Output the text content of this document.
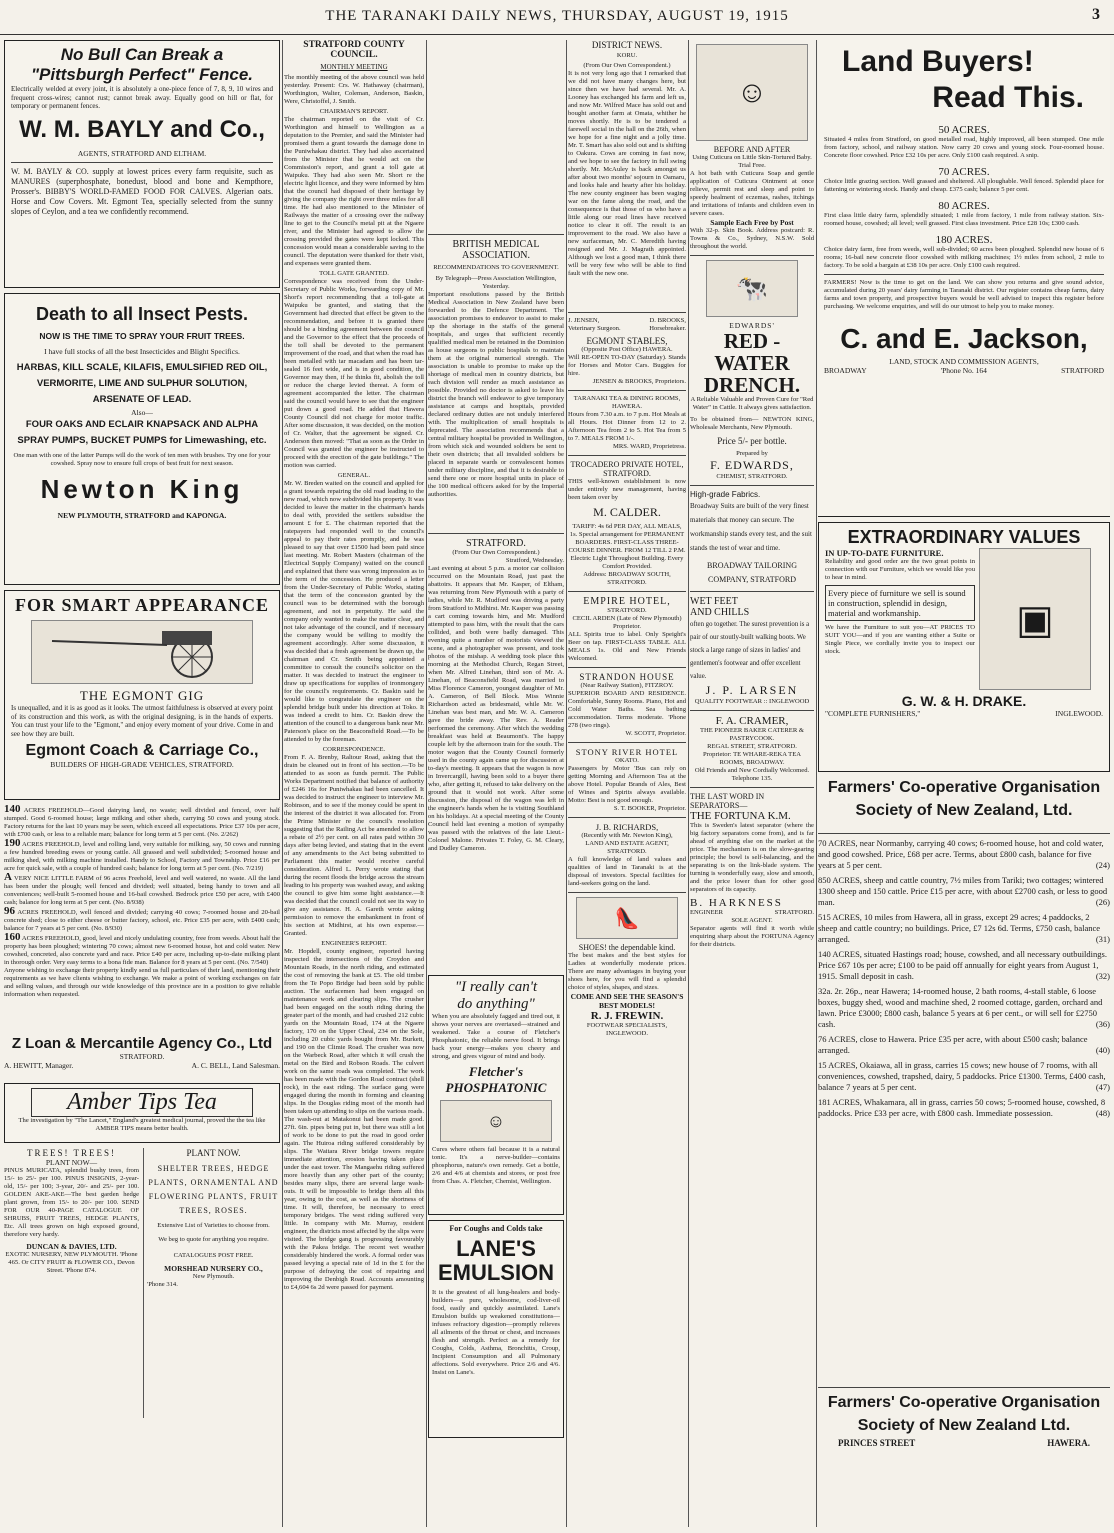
THE TARANAKI DAILY NEWS, THURSDAY, AUGUST 19, 1915	3
No Bull Can Break a
"Pittsburgh Perfect" Fence.
Electrically welded at every joint, it is absolutely a one-piece fence of 7, 8, 9, 10 wires and frequent cross-wires; cannot rust; cannot break away. Equally good on hill or flat, for temporary or permanent fences.
W. M. BAYLY and Co.,
AGENTS, STRATFORD AND ELTHAM.
W. M. BAYLY & CO. supply at lowest prices every farm requisite, such as MANURES (superphosphate, bonedust, blood and bone and Kempthore, Prosser's. BIBBY'S WORLD-FAMED FOOD FOR CALVES. Algerian oats. Horse and Cow Covers. Mt. Egmont Tea, specially selected from the sunny slopes of Ceylon, and a tea we confidently recommend.
Death to all Insect Pests.
NOW IS THE TIME TO SPRAY YOUR FRUIT TREES.
I have full stocks of all the best Insecticides and Blight Specifics.
HARBAS, KILL SCALE, KILAFIS, EMULSIFIED RED OIL, VERMORITE, LIME AND SULPHUR SOLUTION, ARSENATE OF LEAD.
Also—
FOUR OAKS AND ECLAIR KNAPSACK AND ALPHA SPRAY PUMPS, BUCKET PUMPS for Limewashing, etc.
One man with one of the latter Pumps will do the work of ten men with brushes. Try one for your cowshed. Spray now to ensure full crops of best fruit for next season.
Newton King
NEW PLYMOUTH, STRATFORD and KAPONGA.
FOR SMART APPEARANCE
THE EGMONT GIG
Is unequalled, and it is as good as it looks. The utmost faithfulness is observed at every point of its construction and this work, as with the original designing, is in the hands of experts. You can trust your life to the "Egmont," and enjoy every moment of your drive. Come in and see how they are built.
Egmont Coach & Carriage Co.,
BUILDERS OF HIGH-GRADE VEHICLES, STRATFORD.
140 ACRES FREEHOLD—Good dairying land, no waste; well divided and fenced, over half stumped. Good 6-roomed house; large milking and other sheds, carrying 50 cows and young stock. Factory returns for the last 10 years may be seen, which exceed all expectations. Price £37 10s per acre, with £700 cash, or less to a reliable man; balance for long term at 5 per cent. (No. 2/262)
190 ACRES FREEHOLD, level and rolling land, very suitable for milking, say, 50 cows and running a few hundred breeding ewes or young cattle. All grassed and well subdivided; 5-roomed house and milking shed, with milking machine installed. Handy to School, Factory and Township. Price £16 per acre for quick sale, with a couple of hundred cash; balance for long term at 5 per cent. (No. 7/219)
A VERY NICE LITTLE FARM of 96 acres Freehold, level and well watered, no waste. All the land has been under the plough; well fenced and divided; well situated, being handy to town and all conveniences; well-built 5-roomed house and 16-bail cowshed. Bedrock price £50 per acre, with £400 cash; balance for long term at 5 per cent. (No. 8/938)
96 ACRES FREEHOLD, well fenced and divided; carrying 40 cows; 7-roomed house and 20-bail concrete shed; close to either cheese or butter factory, school, etc. Price £35 per acre, with £400 cash; balance for 7 years at 5 per cent. (No. 8/930)
160 ACRES FREEHOLD, good, level and nicely undulating country, free from weeds. About half the property has been ploughed; wintering 70 cows; almost new 6-roomed house, hot and cold water. New cowshed, concreted, also concrete yard and race. Price £40 per acre, including up-to-date milking plant in thorough order. Very easy terms to a bona fide man. Balance for 8 years at 5 per cent. (No. 7/540)
Anyone wishing to exchange their property kindly send us full particulars of their land, mentioning their requirements as we have clients wishing to exchange. We make a point of working exchanges on fair and selling values, and through our wide knowledge of this province are in a position to give reliable information when requested.
Z Loan & Mercantile Agency Co., Ltd
STRATFORD.
A. HEWITT, Manager.	A. C. BELL, Land Salesman.
Amber Tips Tea
The investigation by "The Lancet," England's greatest medical journal, proved the the tea like AMBER TIPS means better health.
TREES! TREES!
PLANT NOW—
PINUS MURICATA, splendid bushy trees, from 15/- to 25/- per 100. PINUS INSIGNIS, 2-year-old, 15/- per 100; 3-year, 20/- and 25/- per 100. GOLDEN AKE-AKE—The best garden hedge plant grown, from 15/- to 20/- per 100. SEND FOR OUR 40-PAGE CATALOGUE OF SHRUBS, FRUIT TREES, HEDGE PLANTS, Etc. All trees grown on high exposed ground, therefore very hardy.
DUNCAN & DAVIES, LTD.
EXOTIC NURSERY, NEW PLYMOUTH. 'Phone 465. Or CITY FRUIT & FLOWER CO., Devon Street. 'Phone 874.
PLANT NOW.
SHELTER TREES, HEDGE PLANTS, ORNAMENTAL AND FLOWERING PLANTS, FRUIT TREES, ROSES.
Extensive List of Varieties to choose from.
We beg to quote for anything you require.
CATALOGUES POST FREE.
MORSHEAD NURSERY CO.,
New Plymouth.
'Phone 314.
STRATFORD COUNTY COUNCIL.
MONTHLY MEETING
The monthly meeting of the above council was held yesterday. Present: Crs. W. Hathaway (chairman), Worthington, Walter, Coleman, Anderson, Baskin, Were, Christoffel, J. Smith.
CHAIRMAN'S REPORT.
The chairman reported on the visit of Cr. Worthington and himself to Wellington as a deputation to the Premier, and said the Minister had promised them a grant towards the damage done in the Puniwhakau district. They had also ascertained from the Minister that he would act on the Commission's report, and grant a toll gate at Waipuku. They had also seen Mr. Short re the electric light licence, and they were informed by him that the council had disposed of their heritage by giving the company the right over three miles for all time. He had also mentioned to the Minister of Railways the matter of a crossing over the railway line to get to the Council's metal pit at the Ngaere river, and the Minister had agreed to allow the crossing provided the gates were kept locked. This concession would mean a considerable saving to the council. The deputation were thanked for their visit, and expenses were granted them.
TOLL GATE GRANTED.
Correspondence was received from the Under-Secretary of Public Works, forwarding copy of Mr. Short's report recommending that a toll-gate at Waipuku be granted, and stating that the Government had directed that effect be given to the recommendation, and before it is granted there should be a binding agreement between the council and the Governor to the effect that the proceeds of the toll shall be devoted to the permanent improvement of the road, and that when the road has been metalled with tar macadam and has been tar-sealed 16 feet wide, and is in good condition, the Governor may then, if he thinks fit, abolish the toll or reduce the charge levied thereat. A form of agreement accompanied the letter. The chairman said the council would have to see that the engineer put down a good road. He added that Hawera County Council did not charge for motor traffic. After some discussion, it was decided, on the motion of Cr. Walter, that the agreement be signed. Cr. Anderson then moved: "That as soon as the Order in Council was granted the engineer be instructed to proceed with the erection of the gate buildings." The motion was carried.
GENERAL.
Mr. W. Breden waited on the council and applied for a grant towards repairing the old road leading to the new road, which now subdivided his property. It was decided to leave the matter in the chairman's hands to deal with, provided the settlers subsidise the amount £ for £. The chairman reported that the ratepayers had responded well to the council's appeal to pay their rates promptly, and he was pleased to say that over £1500 had been paid since last meeting. Mr. Robert Masters (chairman of the Electrical Supply Company) waited on the council and explained that there was wrong impression as to the term of the concession. He produced a letter from the Under-Secretary of Public Works, stating that the term of the concession granted by the council was to be determined with the borough agreement, and not in perpetuity. He said the company only wanted to make the matter clear, and not take advantage of the council, and if necessary the company would be willing to modify the agreement accordingly. After some discussion, it was decided that a fresh agreement be drawn up, the chairman and Cr. Smith being appointed a committee to consult the council's solicitor on the matter. It was decided to instruct the engineer to draw up specifications for supplies of ironmongery for the council's requirements. Cr. Baskin said he would like to congratulate the engineer on the splendid bridge built under his direction at Toko. It was indeed a credit to him. Cr. Baskin drew the attention of the council to a dangerous bank near Mr. Paterson's place on the Beaconsfield Road.—To be attended to by the foreman.
CORRESPONDENCE.
From F. A. Brenby, Raltour Road, asking that the drain be cleaned out in front of his section.—To be attended to as soon as funds permit. The Public Works Department notified that balance of authority of £246 16s for Puniwhakau had been cancelled. It was decided to instruct the engineer to interview Mr. Robinson, and to see if the money could be spent in the interest of the district it was allocated for. From the Prime Minister re the council's resolution suggesting that the Railing Act be amended to allow a rebate of 2½ per cent. on all rates paid within 30 days after being levied, and stating that in the event of any amendments to the Act being submitted to Parliament this matter would receive careful consideration. Alfred L. Perry wrote stating that during the recent floods the bridge across the stream leading to his property was washed away, and asking the council to give him some light assistance.—It was decided that the council could not see its way to give any assistance. H. A. Gareth wrote asking permission to remove the embankment in front of his section at Midhirst, at his own expense.—Granted.
ENGINEER'S REPORT.
Mr. Hopdell, county engineer, reported having inspected the intersections of the Croydon and Mountain Roads, in the north riding, and estimated the cost of removing the bank at £5. The old timber from the Te Popo Bridge had been sold by public auction. The surfacemen had been engaged on maintenance work and clearing slips. The crusher had been engaged on the south riding during the greater part of the month, and had crushed 212 cubic yards on the Mountain Road, 174 at the Ngaere factory, 170 on the Upper Cheal, 234 on the Sole, including 20 cubic yards bought from Mr. Burkett, and 190 on the Climie Road. The crusher was now on the Warbeck Road, after which it will crush the metal on the Bird and Robson Roads. The culvert work on the same roads was completed. The work has been made with the Gordon Road contract (shell rock), in the east riding. The surface gang were engaged during the month in forming and cleaning slips. In the Douglas riding most of the month had been taken up attending to slips on the various roads. The wash-out at Matakonui had been made good. 27ft. 6in. pipes being put in, but there was still a lot of work to be done to put the road in good order again. The Huiroa riding suffered considerably by slips. The Waitara River bridge towers require immediate attention, erosion having taken place under the east tower. The Mangaehu riding suffered more heavily than any other part of the county; besides many slips, there are several large wash-outs. It will be impossible to bridge them all this year, owing to the cost, as well as the shortness of time. It will, therefore, be necessary to erect temporary bridges. The west riding suffered very little. In company with Mr. Murray, resident engineer, the districts most affected by the slips were visited. The bridge gang is progressing favourably with the Pakea bridge. The recent wet weather considerably hindered the work. A formal order was passed levying a special rate of 1d in the £ for the purpose of defraying the cost of repairing and improving the Denbigh Road. Accounts amounting to £4,604 6s 2d were passed for payment.
BRITISH MEDICAL
ASSOCIATION.
RECOMMENDATIONS TO GOVERNMENT.
By Telegraph—Press Association Wellington, Yesterday.
Important resolutions passed by the British Medical Association in New Zealand have been forwarded to the Defence Department. The association promises to endeavor to assist to make up the shortage in the staffs of the general hospitals, and urges that sufficient recently qualified medical men be retained in the Dominion as house surgeons to public hospitals to maintain them at the original numerical strength. The association is unable to promise to make up the shortage of medical men in country districts, but each division will render as much assistance as possible. Provided no doctor is asked to leave his district the branch will endeavor to give temporary assistance at camps and hospitals, provided declared ordinary duties are not unduly interfered with. The multiplication of small hospitals is deprecated. The association recommends that a central military hospital be provided in Wellington, from which sick and wounded soldiers be sent to their own districts; that all invalided soldiers be placed in separate wards or convalescent homes under military discipline, and that it is desirable to send there one or more hospital units in place of the 100 medical officers asked for by the Imperial authorities.
STRATFORD.
(From Our Own Correspondent.)
Stratford, Wednesday.
Last evening at about 5 p.m. a motor car collision occurred on the Mountain Road, just past the abattoirs. It appears that Mr. Kasper, of Eltham, was returning from New Plymouth with a party of ladies, while Mr. R. Mudford was driving a party from Stratford to Midhirst. Mr. Kasper was passing a cart coming towards him, and Mr. Mudford attempted to pass him, with the result that the cars collided, and both were badly damaged. This evening quite a number of motorists viewed the scene, and a photographer was present, and took photos of the mishap. A wedding took place this morning at the Methodist Church, Regan Street, when Mr. Alfred Linehan, third son of Mr. A. Linehan, of Beaconsfield Road, was married to Miss Florence Cameron, youngest daughter of Mr. A. Cameron, of Bell Block. Miss Winnie Richardson acted as bridesmaid, while Mr. W. Linehan was best man, and Mr. W. A. Cameron gave the bride away. The Rev. A. Reader performed the ceremony. After which the wedding breakfast was held at Beaumont's. The happy couple left by the afternoon train for the south. The motor wagon that the County Council formerly used in the county again came up for discussion at to-day's meeting. It appears that the wagon is now in Invercargill, having been sold to a buyer there who, after getting it, refused to take delivery on the ground that it would not work. After some discussion, the disposal of the wagon was left in the engineer's hands when he is visiting Southland on his holidays. At a special meeting of the County Council held last evening a motion of sympathy was passed with the relatives of the late Lieut.-Colonel Malone. Privates T. Foley, G. M. Cleary, and Dudley Cameron.
"I really can't
do anything"
When you are absolutely fagged and tired out, it shows your nerves are overtaxed—strained and weakened. Take a course of Fletcher's Phosphatonic, the reliable nerve food. It brings back your energy—makes you cheery and strong, and gives vigour of mind and body.
Fletcher's PHOSPHATONIC
☺
Cures where others fail because it is a natural tonic. It's a nerve-builder—contains phosphorus, nature's own remedy. Get a bottle, 2/6 and 4/6 at chemists and stores, or post free from Chas. A. Fletcher, Chemist, Wellington.
For Coughs and Colds take
LANE'S EMULSION
It is the greatest of all lung-healers and body-builders—a pure, wholesome, cod-liver-oil food, easily and quickly assimilated. Lane's Emulsion builds up weakened constitutions—infuses refractory digestion—promptly relieves all ailments of the throat or chest, and increases flesh and strength. Perfect as a remedy for Coughs, Colds, Asthma, Bronchitis, Croup, Incipient Consumption and all Pulmonary affections. Sold everywhere. Price 2/6 and 4/6. Insist on Lane's.
DISTRICT NEWS.
KORU.
(From Our Own Correspondent.)
It is not very long ago that I remarked that we did not have many changes here, but since then we have had several. Mr. A. Looney has exchanged his farm and left us, and now Mr. Wilfred Mace has sold out and bought another farm at Omata, whither he moves shortly. He is to be tendered a farewell social in the hall on the 26th, when we hope for a fine night and a jolly time. Mr. T. Smart has also sold out and is shifting to Oakura. Cows are coming in fast now, and we hope to see the factory in full swing shortly. Mr. McAuley is back amongst us after about two months' sojourn in Oamaru, and looks hale and hearty after his holiday. The new county engineer has been waging war on the fame along the road, and the consequence is that those of us who have a little along our road lines have received notice to clear it off. The result is an improvement to the road. We also have a new surfaceman, Mr. C. Meredith having resigned and Mr. J. Magrath appointed. Although we lost a good man, I think there will be very few who will be able to find fault with the new one.
J. JENSEN,	D. BROOKS,
Veterinary Surgeon.	Horsebreaker.
EGMONT STABLES,
(Opposite Post Office) HAWERA.
Will RE-OPEN TO-DAY (Saturday). Stands for Horses and Motor Cars. Buggies for hire.
JENSEN & BROOKS, Proprietors.
TARANAKI TEA & DINING ROOMS, HAWERA.
Hours from 7.30 a.m. to 7 p.m. Hot Meals at all Hours. Hot Dinner from 12 to 2. Afternoon Tea from 2 to 5. Hot Tea from 5 to 7. MEALS FROM 1/-.
MRS. WARD, Proprietress.
TROCADERO PRIVATE HOTEL, STRATFORD.
THIS well-known establishment is now under entirely new management, having been taken over by
M. CALDER.
TARIFF: 4s 6d PER DAY, ALL MEALS, 1s. Special arrangement for PERMANENT BOARDERS. FIRST-CLASS THREE-COURSE DINNER. FROM 12 TILL 2 P.M. Electric Light Throughout Building. Every Comfort Provided.
Address: BROADWAY SOUTH, STRATFORD.
EMPIRE HOTEL,
STRATFORD.
CECIL ARDEN (Late of New Plymouth) Proprietor.
ALL Spirits true to label. Only Speight's Beer on tap. FIRST-CLASS TABLE. ALL MEALS 1s. Old and New Friends Welcomed.
STRANDON HOUSE
(Near Railway Station), FITZROY.
SUPERIOR BOARD AND RESIDENCE. Comfortable, Sunny Rooms. Piano, Hot and Cold Water Baths. Sea bathing accommodation. Terms moderate. 'Phone 278 (two rings).
W. SCOTT, Proprietor.
STONY RIVER HOTEL
OKATO.
Passengers by Motor 'Bus can rely on getting Morning and Afternoon Tea at the above Hotel. Popular Brands of Ales, Best of Wines and Spirits always available. Motto: Best is not good enough.
S. T. BOOKER, Proprietor.
J. B. RICHARDS,
(Recently with Mr. Newton King),
LAND AND ESTATE AGENT,
STRATFORD.
A full knowledge of land values and qualities of land in Taranaki is at the disposal of investors. Special facilities for land-seekers going on the land.
👠
SHOES! the dependable kind.
The best makes and the best styles for Ladies at wonderfully moderate prices. There are many advantages in buying your shoes here, for you will find a splendid choice of styles, shapes, and sizes.
COME AND SEE THE SEASON'S BEST MODELS!
R. J. FREWIN.
FOOTWEAR SPECIALISTS,
INGLEWOOD.
☺
BEFORE AND AFTER
Using Cuticura on Little Skin-Tortured Baby. Trial Free.
A hot bath with Cuticura Soap and gentle application of Cuticura Ointment at once relieve, permit rest and sleep and point to speedy healment of eczemas, rashes, itchings and irritations of infants and children even in severe cases.
Sample Each Free by Post
With 32-p. Skin Book. Address postcard: R. Towns & Co., Sydney, N.S.W. Sold throughout the world.
🐄
EDWARDS'
RED - WATER DRENCH.
A Reliable Valuable and Proven Cure for "Red Water" in Cattle. It always gives satisfaction.
To be obtained from— NEWTON KING, Wholesale Merchants, New Plymouth.
Price 5/- per bottle.
Prepared by
F. EDWARDS,
CHEMIST, STRATFORD.
High-grade Fabrics.
Broadway Suits are built of the very finest materials that money can secure. The workmanship stands every test, and the suit stands the test of wear and time.
BROADWAY TAILORING COMPANY, STRATFORD
WET FEET
AND CHILLS
often go together. The surest prevention is a pair of our stoutly-built walking boots. We stock a large range of sizes in ladies' and gentlemen's footwear and offer excellent value.
J. P. LARSEN
QUALITY FOOTWEAR :: INGLEWOOD
F. A. CRAMER,
THE PIONEER BAKER CATERER & PASTRYCOOK.
REGAL STREET, STRATFORD.
Proprietor: TE WHARE-REKA TEA ROOMS, BROADWAY.
Old Friends and New Cordially Welcomed.
Telephone 135.
THE LAST WORD IN SEPARATORS—
THE FORTUNA K.M.
This is Sweden's latest separator (where the big factory separators come from), and is far ahead of anything else on the market at the price. The mechanism is on the slow-gearing principle; the bowl is self-balancing, and the separating is on the link-blade system. The turning is wonderfully easy, slow and smooth, and the price lower than for other good separators of its capacity.
B. HARKNESS
ENGINEER	STRATFORD.
SOLE AGENT.
Separator agents will find it worth while enquiring sharp about the FORTUNA Agency for their districts.
Land Buyers!
Read This.
50 ACRES.
Situated 4 miles from Stratford, on good metalled road, highly improved, all been stumped. One mile from factory, school, and railway station. Now carry 20 cows and young stock. Four-roomed house. Concrete floor cowshed. Price £32 10s per acre. Only £100 cash required. A snip.
70 ACRES.
Choice little grazing section. Well grassed and sheltered. All ploughable. Well fenced. Splendid place for fattening or wintering stock. Handy and cheap. £375 cash; balance 5 per cent.
80 ACRES.
First class little dairy farm, splendidly situated; 1 mile from factory, 1 mile from railway station. Six-roomed house, cowshed; all level; well grassed. First class investment. Price £28 10s; £300 cash.
180 ACRES.
Choice dairy farm, free from weeds, well sub-divided; 60 acres been ploughed. Splendid new house of 6 rooms; 16-bail new concrete floor cowshed with milking machines; 1½ miles from school, 2 mile to factory. To be sold a bargain at £38 10s per acre. Only £100 cash required.
FARMERS! Now is the time to get on the land. We can show you returns and give sound advice, accumulated during 20 years' dairy farming in Taranaki district. Our register contains cheap farms, dairy farms and town property, and prospective buyers would be well advised to inspect this register before purchasing. We welcome enquiries, and will do our utmost to help you to make money.
C. and E. Jackson,
LAND, STOCK AND COMMISSION AGENTS,
BROADWAY	'Phone No. 164	STRATFORD
EXTRAORDINARY VALUES
IN UP-TO-DATE FURNITURE.
Reliability and good order are the two great points in connection with our Furniture, which we would like you to hear in mind.
Every piece of furniture we sell is sound in construction, splendid in design, material and workmanship.
We have the Furniture to suit you—AT PRICES TO SUIT YOU—and if you are wanting either a Suite or Single Piece, we cordially invite you to inspect our stock.
▣
G. W. & H. DRAKE.
"COMPLETE FURNISHERS,"	INGLEWOOD.
Farmers' Co-operative Organisation
Society of New Zealand, Ltd.
70 ACRES, near Normanby, carrying 40 cows; 6-roomed house, hot and cold water, and good cowshed. Price, £68 per acre. Terms, about £800 cash, balance for five years at 5 per cent.	(24)
850 ACRES, sheep and cattle country, 7½ miles from Tariki; two cottages; wintered 1300 sheep and 150 cattle. Price £15 per acre, with about £2700 cash, or less to good man.	(26)
515 ACRES, 10 miles from Hawera, all in grass, except 29 acres; 4 paddocks, 2 sheep and cattle country; no buildings. Price, £7 12s 6d. Terms, £750 cash, balance arranged.	(31)
140 ACRES, situated Hastings road; house, cowshed, and all necessary outbuildings. Price £67 10s per acre; £100 to be paid off annually for eight years from August 1, 1915. Small deposit in cash.	(32)
32a. 2r. 26p., near Hawera; 14-roomed house, 2 bath rooms, 4-stall stable, 6 loose boxes, buggy shed, wood and machine shed, 2 roomed cottage, garden, orchard and lawn. Price £3000; £800 cash, balance 5 years at 6 per cent., or will sell for £2750 cash.	(36)
76 ACRES, close to Hawera. Price £35 per acre, with about £500 cash; balance arranged.	(40)
15 ACRES, Okaiawa, all in grass, carries 15 cows; new house of 7 rooms, with all conveniences, cowshed, trapshed, dairy, 5 paddocks. Price £1300. Terms, £400 cash, balance 7 years at 5 per cent.	(47)
181 ACRES, Whakamara, all in grass, carries 50 cows; 5-roomed house, cowshed, 8 paddocks. Price £33 per acre, with £800 cash. Immediate possession.	(48)
Farmers' Co-operative Organisation
Society of New Zealand Ltd.
PRINCES STREET	HAWERA.
